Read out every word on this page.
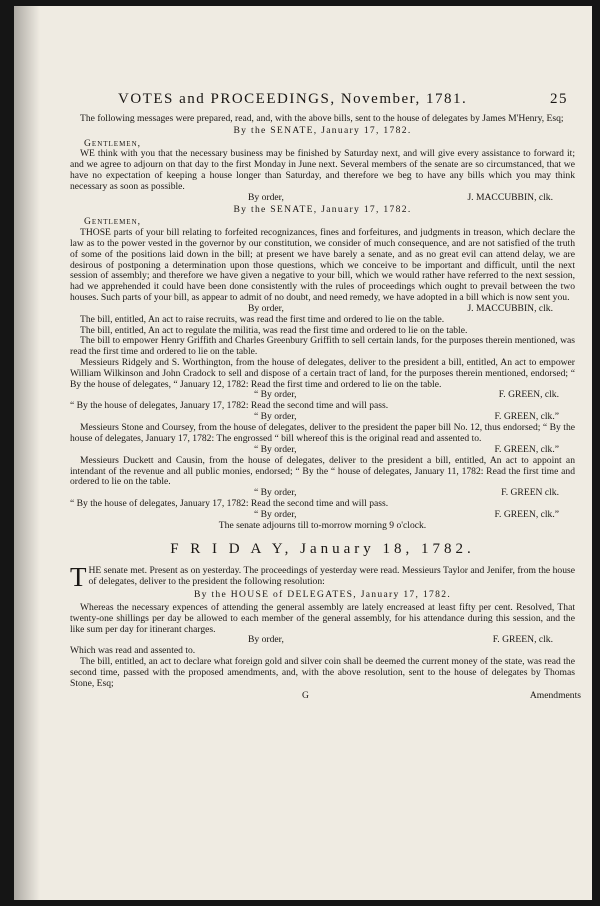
VOTES and PROCEEDINGS, November, 1781.	25

The following messages were prepared, read, and, with the above bills, sent to the house of delegates by James M'Henry, Esq;

By the SENATE, January 17, 1782.

Gentlemen,

WE think with you that the necessary business may be finished by Saturday next, and will give every assistance to forward it; and we agree to adjourn on that day to the first Monday in June next. Several members of the senate are so circumstanced, that we have no expectation of keeping a house longer than Saturday, and therefore we beg to have any bills which you may think necessary as soon as possible.

By order,	J. MACCUBBIN, clk.

By the SENATE, January 17, 1782.

Gentlemen,

THOSE parts of your bill relating to forfeited recognizances, fines and forfeitures, and judgments in treason, which declare the law as to the power vested in the governor by our constitution, we consider of much consequence, and are not satisfied of the truth of some of the positions laid down in the bill; at present we have barely a senate, and as no great evil can attend delay, we are desirous of postponing a determination upon those questions, which we conceive to be important and difficult, until the next session of assembly; and therefore we have given a negative to your bill, which we would rather have referred to the next session, had we apprehended it could have been done consistently with the rules of proceedings which ought to prevail between the two houses. Such parts of your bill, as appear to admit of no doubt, and need remedy, we have adopted in a bill which is now sent you.

By order,	J. MACCUBBIN, clk.

The bill, entitled, An act to raise recruits, was read the first time and ordered to lie on the table.

The bill, entitled, An act to regulate the militia, was read the first time and ordered to lie on the table.

The bill to empower Henry Griffith and Charles Greenbury Griffith to sell certain lands, for the purposes therein mentioned, was read the first time and ordered to lie on the table.

Messieurs Ridgely and S. Worthington, from the house of delegates, deliver to the president a bill, entitled, An act to empower William Wilkinson and John Cradock to sell and dispose of a certain tract of land, for the purposes therein mentioned, endorsed; “ By the house of delegates, “ January 12, 1782: Read the first time and ordered to lie on the table.

“ By order,	F. GREEN, clk.

“ By the house of delegates, January 17, 1782: Read the second time and will pass.

“ By order,	F. GREEN, clk.”

Messieurs Stone and Coursey, from the house of delegates, deliver to the president the paper bill No. 12, thus endorsed; “ By the house of delegates, January 17, 1782: The engrossed “ bill whereof this is the original read and assented to.

“ By order,	F. GREEN, clk.”

Messieurs Duckett and Causin, from the house of delegates, deliver to the president a bill, entitled, An act to appoint an intendant of the revenue and all public monies, endorsed; “ By the “ house of delegates, January 11, 1782: Read the first time and ordered to lie on the table.

“ By order,	F. GREEN clk.

“ By the house of delegates, January 17, 1782: Read the second time and will pass.

“ By order,	F. GREEN, clk.”

The senate adjourns till to-morrow morning 9 o'clock.

F R I D A Y, January 18, 1782.

THE senate met. Present as on yesterday. The proceedings of yesterday were read. Messieurs Taylor and Jenifer, from the house of delegates, deliver to the president the following resolution:

By the HOUSE of DELEGATES, January 17, 1782.

Whereas the necessary expences of attending the general assembly are lately encreased at least fifty per cent. Resolved, That twenty-one shillings per day be allowed to each member of the general assembly, for his attendance during this session, and the like sum per day for itinerant charges.

By order,	F. GREEN, clk.

Which was read and assented to.

The bill, entitled, an act to declare what foreign gold and silver coin shall be deemed the current money of the state, was read the second time, passed with the proposed amendments, and, with the above resolution, sent to the house of delegates by Thomas Stone, Esq;

G	Amendments
